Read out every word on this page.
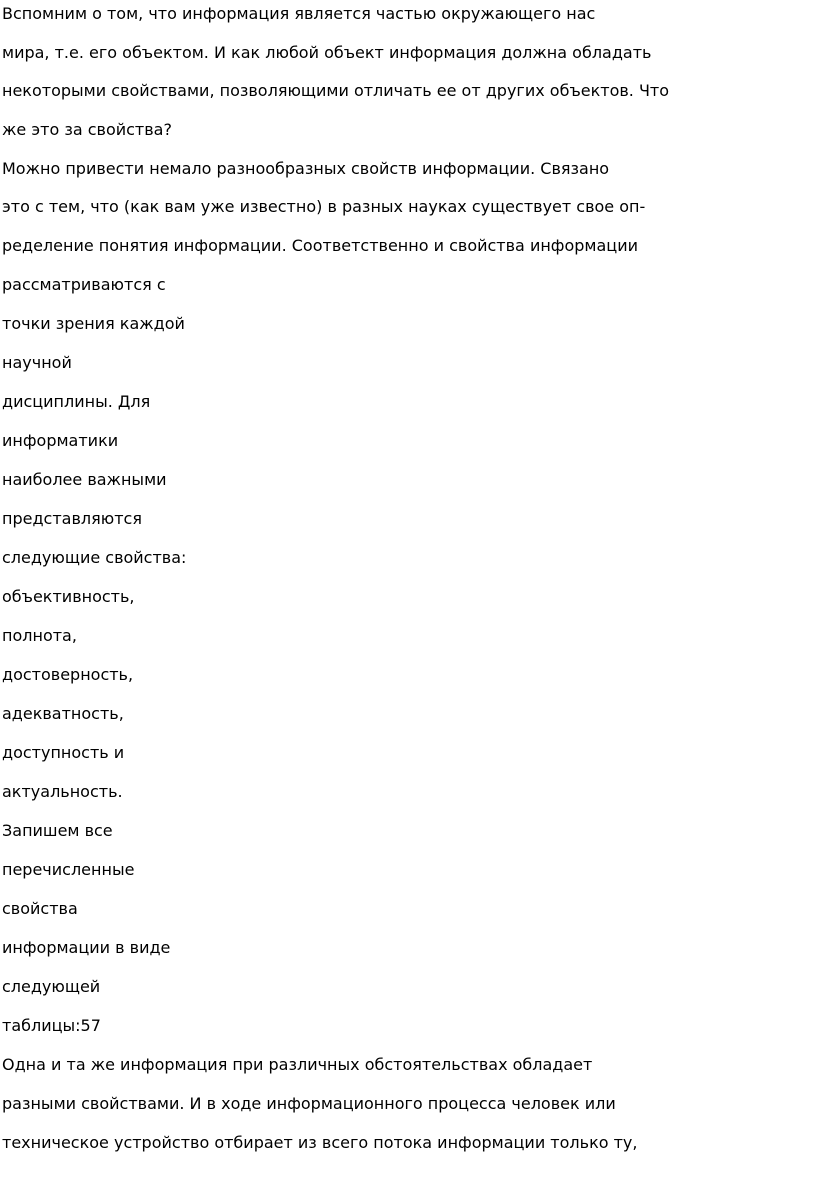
Вспомним о том, что информация является частью окружающего нас

мира, т.е. его объектом. И как любой объект информация должна обладать

некоторыми свойствами, позволяющими отличать ее от других объектов. Что

же это за свойства?

Можно привести немало разнообразных свойств информации. Связано

это с тем, что (как вам уже известно) в разных науках существует свое оп-

ределение понятия информации. Соответственно и свойства информации

рассматриваются с

точки зрения каждой

научной

дисциплины. Для

информатики

наиболее важными

представляются

следующие свойства:

объективность,

полнота,

достоверность,

адекватность,

доступность и

актуальность.

Запишем все

перечисленные

свойства

информации в виде

следующей

таблицы:57

Одна и та же информация при различных обстоятельствах обладает

разными свойствами. И в ходе информационного процесса человек или

техническое устройство отбирает из всего потока информации только ту,
